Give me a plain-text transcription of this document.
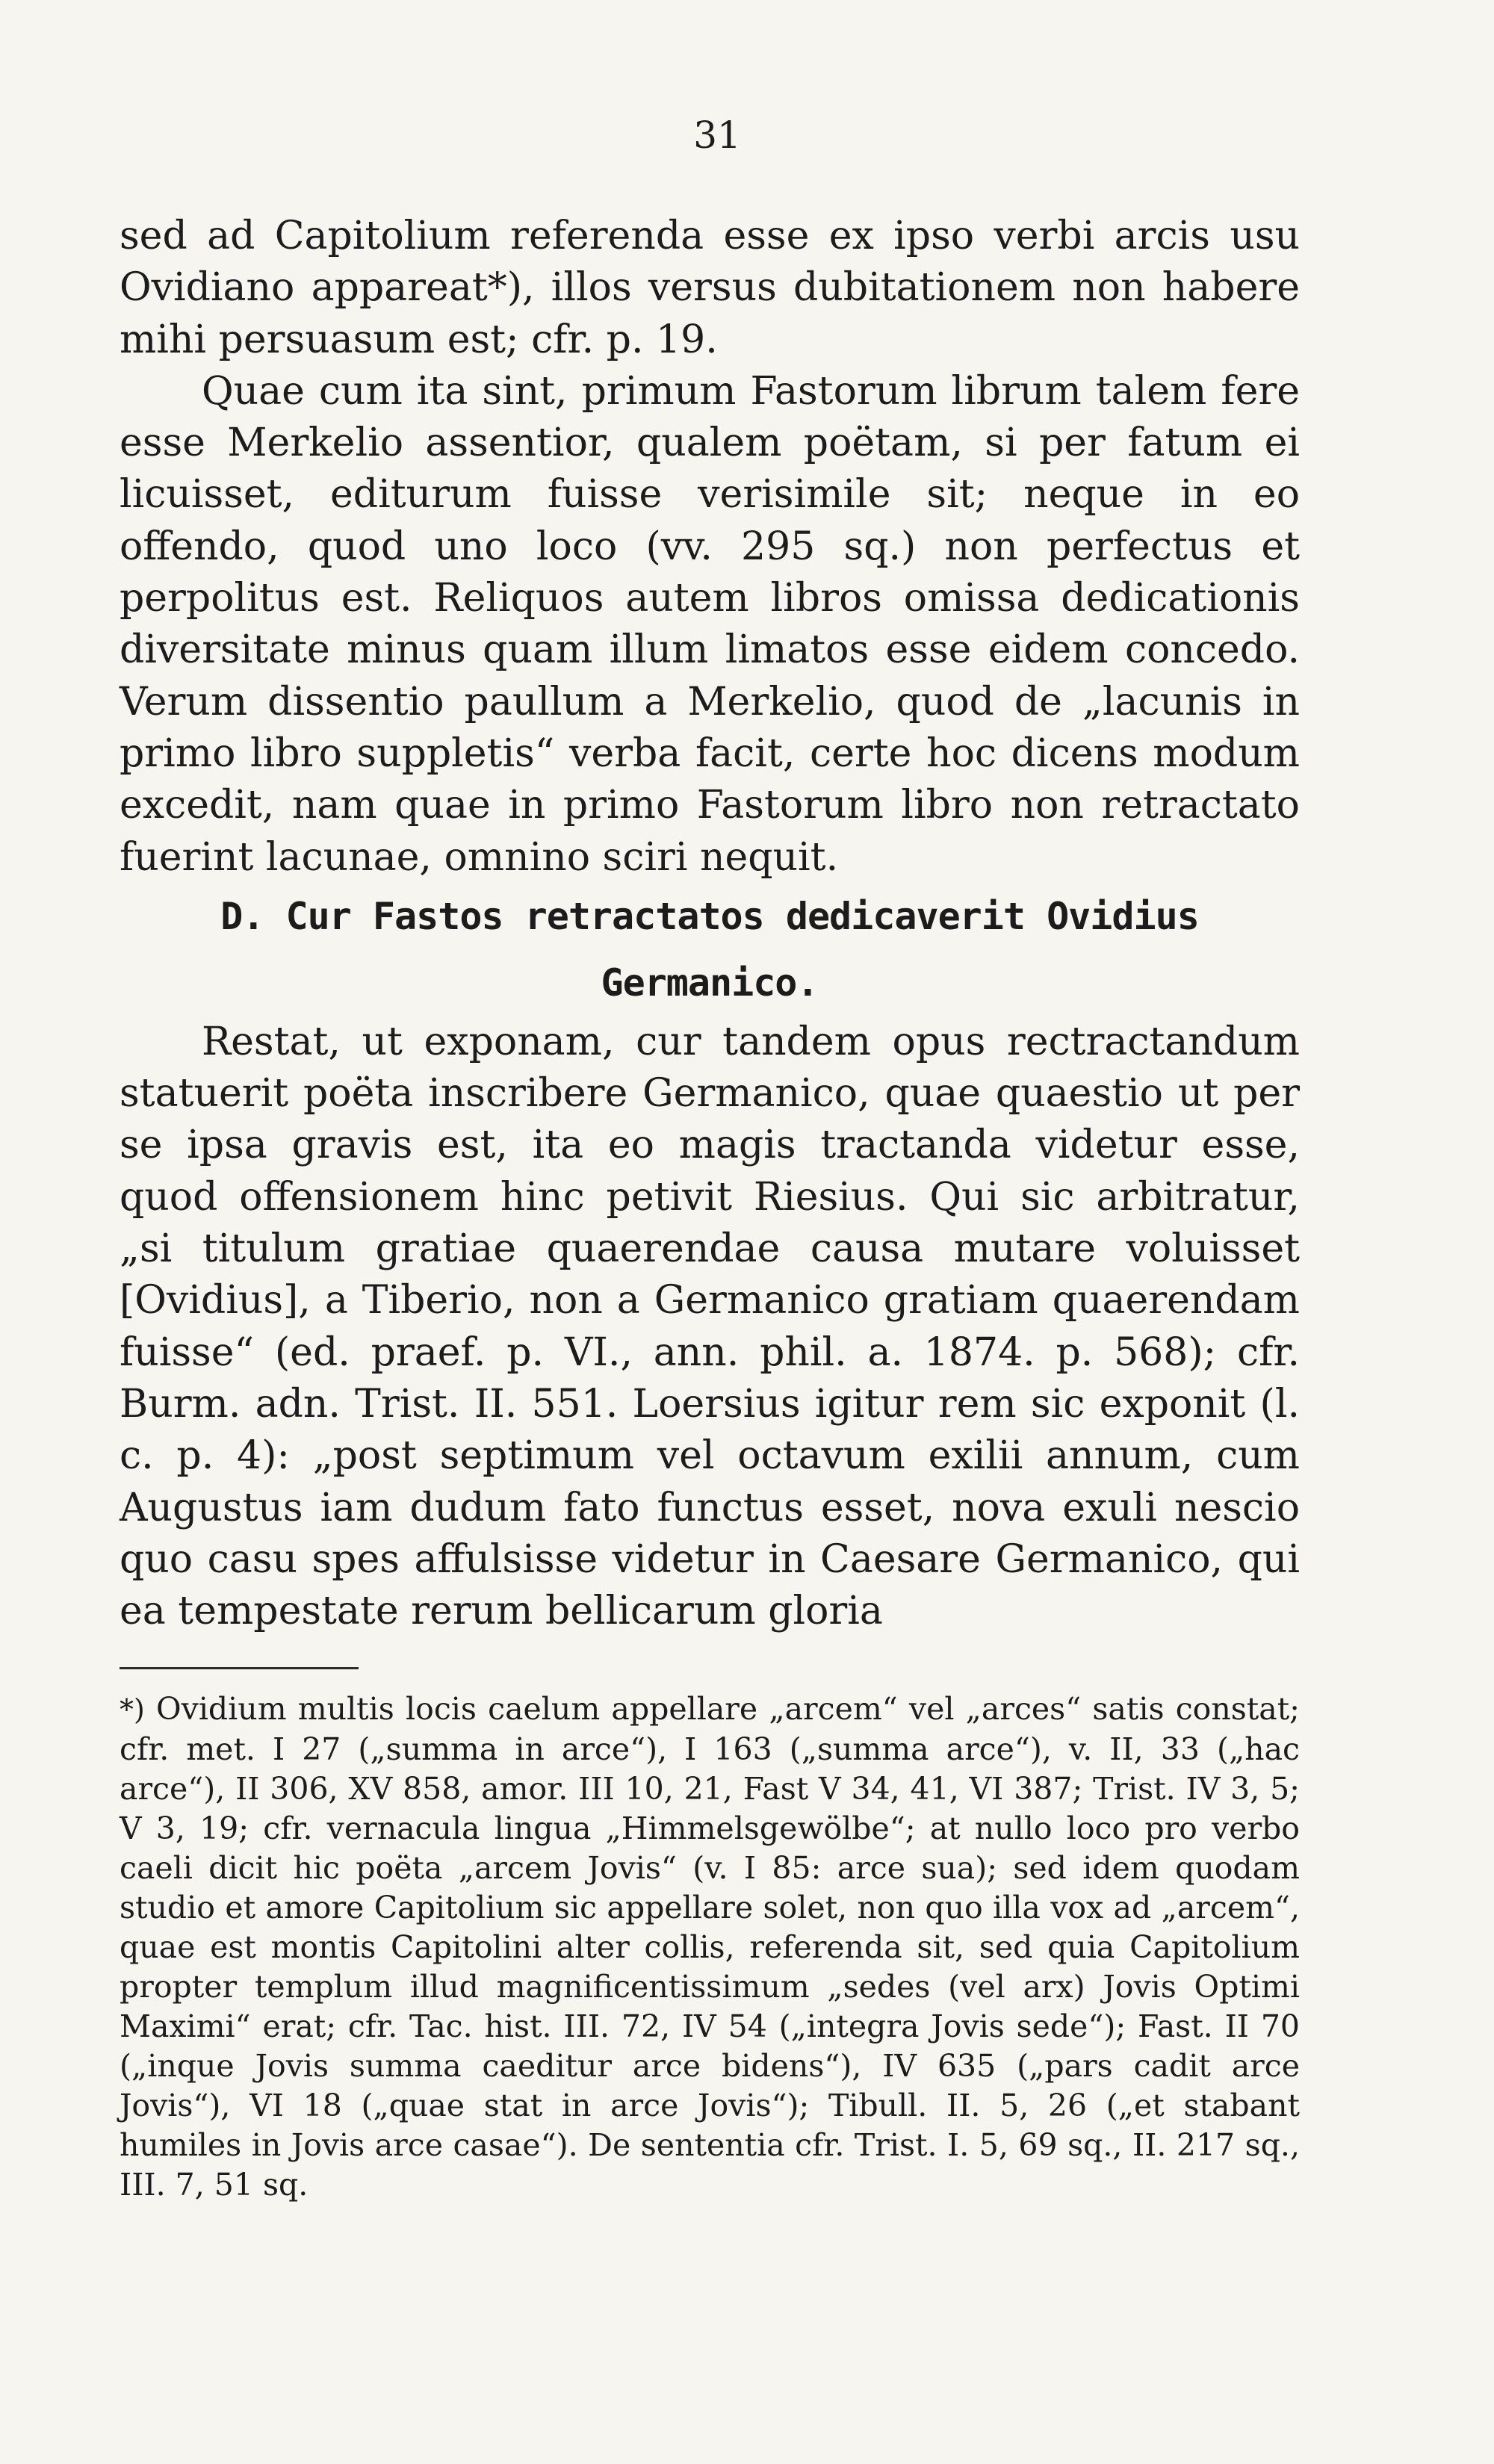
31

sed ad Capitolium referenda esse ex ipso verbi arcis usu Ovidiano appareat*), illos versus dubitationem non habere mihi persuasum est; cfr. p. 19.

Quae cum ita sint, primum Fastorum librum talem fere esse Merkelio assentior, qualem poëtam, si per fatum ei licuisset, editurum fuisse verisimile sit; neque in eo offendo, quod uno loco (vv. 295 sq.) non perfectus et perpolitus est. Reliquos autem libros omissa dedicationis diversitate minus quam illum limatos esse eidem concedo. Verum dissentio paullum a Merkelio, quod de „lacunis in primo libro suppletis“ verba facit, certe hoc dicens modum excedit, nam quae in primo Fastorum libro non retractato fuerint lacunae, omnino sciri nequit.

D. Cur Fastos retractatos dedicaverit Ovidius Germanico.

Restat, ut exponam, cur tandem opus rectractandum statuerit poëta inscribere Germanico, quae quaestio ut per se ipsa gravis est, ita eo magis tractanda videtur esse, quod offensionem hinc petivit Riesius. Qui sic arbitratur, „si titulum gratiae quaerendae causa mutare voluisset [Ovidius], a Tiberio, non a Germanico gratiam quaerendam fuisse“ (ed. praef. p. VI., ann. phil. a. 1874. p. 568); cfr. Burm. adn. Trist. II. 551. Loersius igitur rem sic exponit (l. c. p. 4): „post septimum vel octavum exilii annum, cum Augustus iam dudum fato functus esset, nova exuli nescio quo casu spes affulsisse videtur in Caesare Germanico, qui ea tempestate rerum bellicarum gloria

*) Ovidium multis locis caelum appellare „arcem“ vel „arces“ satis constat; cfr. met. I 27 („summa in arce“), I 163 („summa arce“), v. II, 33 („hac arce“), II 306, XV 858, amor. III 10, 21, Fast V 34, 41, VI 387; Trist. IV 3, 5; V 3, 19; cfr. vernacula lingua „Himmelsgewölbe“; at nullo loco pro verbo caeli dicit hic poëta „arcem Jovis“ (v. I 85: arce sua); sed idem quodam studio et amore Capitolium sic appellare solet, non quo illa vox ad „arcem“, quae est montis Capitolini alter collis, referenda sit, sed quia Capitolium propter templum illud magnificentissimum „sedes (vel arx) Jovis Optimi Maximi“ erat; cfr. Tac. hist. III. 72, IV 54 („integra Jovis sede“); Fast. II 70 („inque Jovis summa caeditur arce bidens“), IV 635 („pars cadit arce Jovis“), VI 18 („quae stat in arce Jovis“); Tibull. II. 5, 26 („et stabant humiles in Jovis arce casae“). De sententia cfr. Trist. I. 5, 69 sq., II. 217 sq., III. 7, 51 sq.
